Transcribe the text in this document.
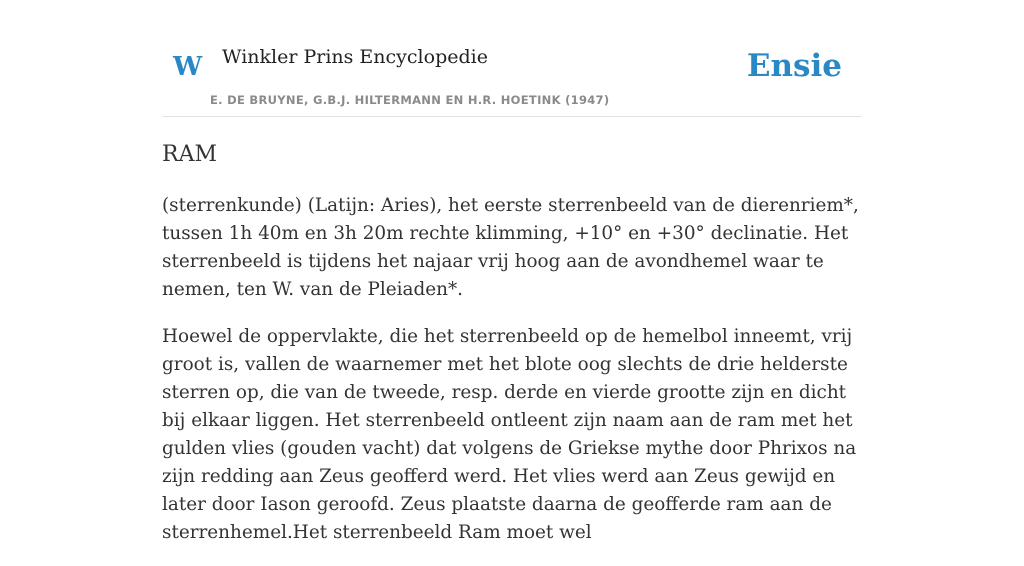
W Winkler Prins Encyclopedie
E. DE BRUYNE, G.B.J. HILTERMANN EN H.R. HOETINK (1947)
Ensie
RAM

(sterrenkunde) (Latijn: Aries), het eerste sterrenbeeld van de dierenriem*, tussen 1h 40m en 3h 20m rechte klimming, +10° en +30° declinatie. Het sterrenbeeld is tijdens het najaar vrij hoog aan de avondhemel waar te nemen, ten W. van de Pleiaden*.

Hoewel de oppervlakte, die het sterrenbeeld op de hemelbol inneemt, vrij groot is, vallen de waarnemer met het blote oog slechts de drie helderste sterren op, die van de tweede, resp. derde en vierde grootte zijn en dicht bij elkaar liggen. Het sterrenbeeld ontleent zijn naam aan de ram met het gulden vlies (gouden vacht) dat volgens de Griekse mythe door Phrixos na zijn redding aan Zeus geofferd werd. Het vlies werd aan Zeus gewijd en later door Iason geroofd. Zeus plaatste daarna de geofferde ram aan de sterrenhemel.Het sterrenbeeld Ram moet wel
